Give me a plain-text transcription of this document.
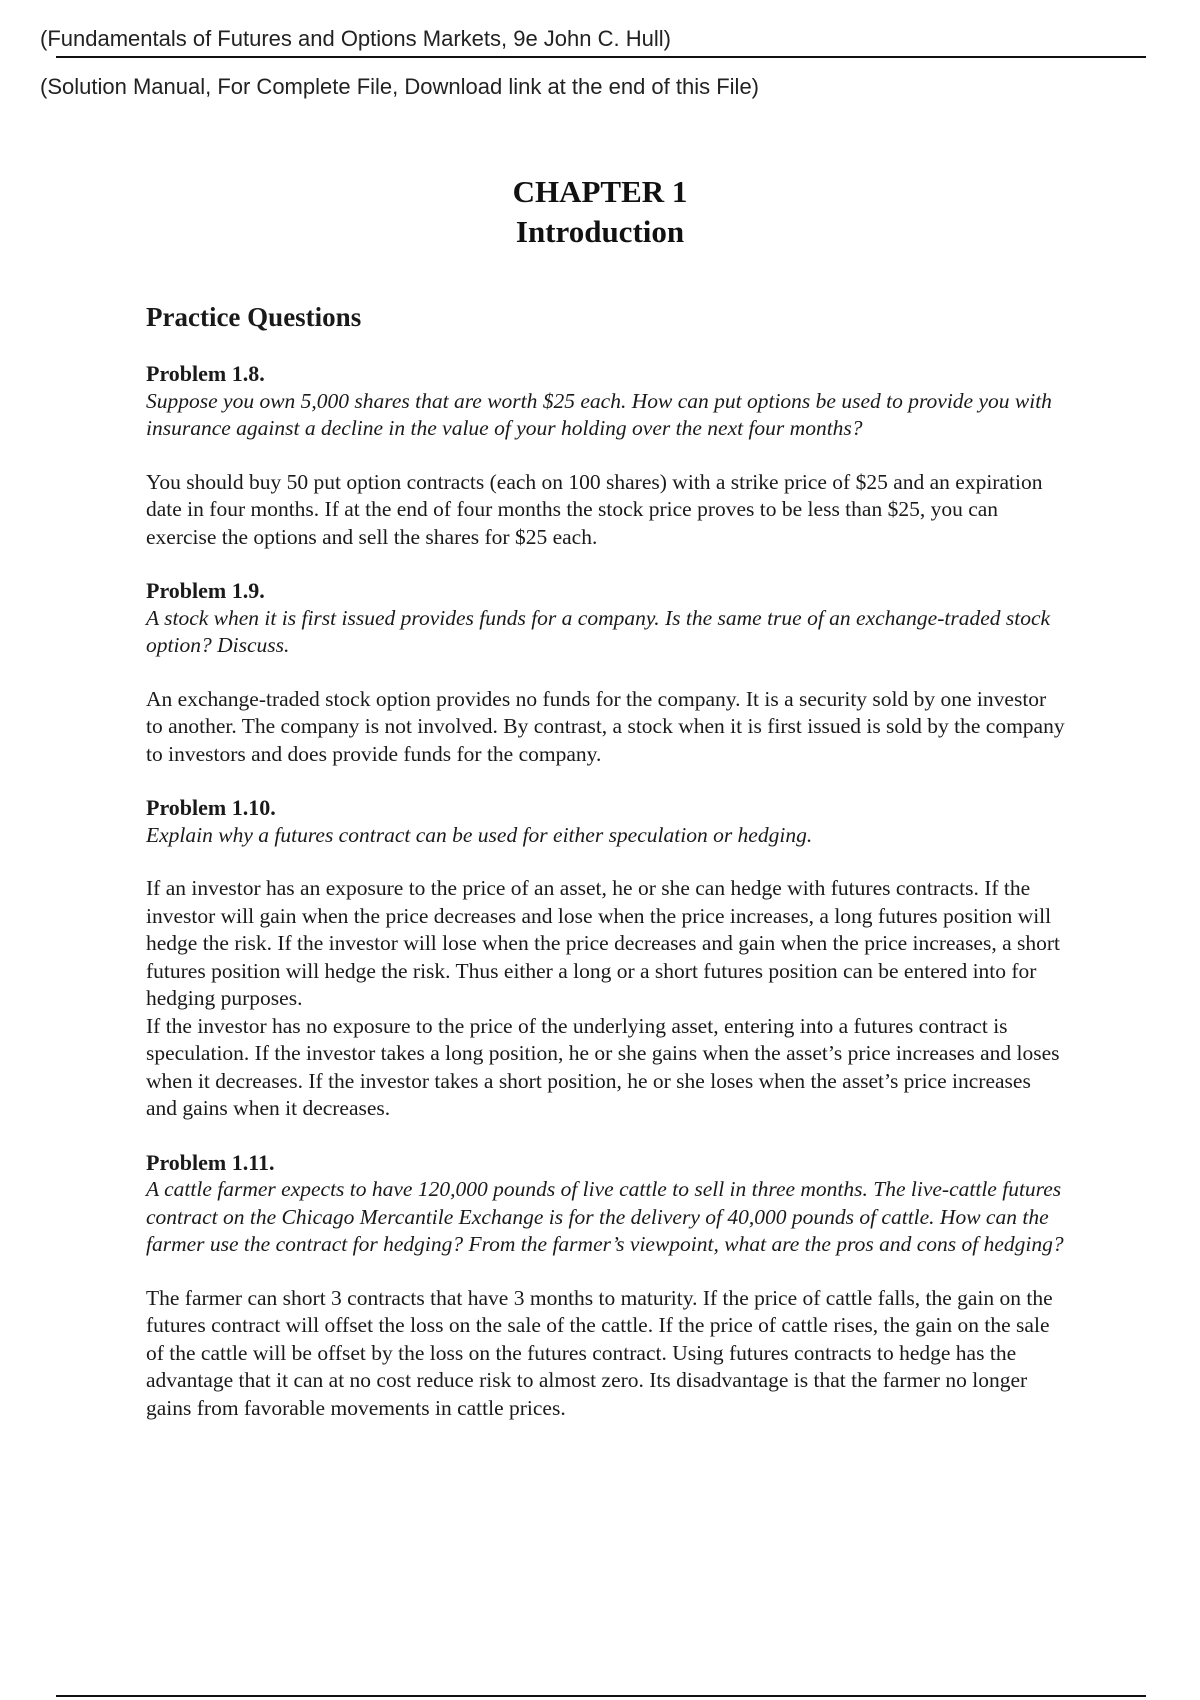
(Fundamentals of Futures and Options Markets, 9e John C. Hull)
(Solution Manual, For Complete File, Download link at the end of this File)
CHAPTER 1
Introduction
Practice Questions
Problem 1.8.
Suppose you own 5,000 shares that are worth $25 each. How can put options be used to provide you with insurance against a decline in the value of your holding over the next four months?

You should buy 50 put option contracts (each on 100 shares) with a strike price of $25 and an expiration date in four months. If at the end of four months the stock price proves to be less than $25, you can exercise the options and sell the shares for $25 each.

Problem 1.9.
A stock when it is first issued provides funds for a company. Is the same true of an exchange-traded stock option? Discuss.

An exchange-traded stock option provides no funds for the company. It is a security sold by one investor to another. The company is not involved. By contrast, a stock when it is first issued is sold by the company to investors and does provide funds for the company.

Problem 1.10.
Explain why a futures contract can be used for either speculation or hedging.

If an investor has an exposure to the price of an asset, he or she can hedge with futures contracts. If the investor will gain when the price decreases and lose when the price increases, a long futures position will hedge the risk. If the investor will lose when the price decreases and gain when the price increases, a short futures position will hedge the risk. Thus either a long or a short futures position can be entered into for hedging purposes.

If the investor has no exposure to the price of the underlying asset, entering into a futures contract is speculation. If the investor takes a long position, he or she gains when the asset’s price increases and loses when it decreases. If the investor takes a short position, he or she loses when the asset’s price increases and gains when it decreases.

Problem 1.11.
A cattle farmer expects to have 120,000 pounds of live cattle to sell in three months. The live-cattle futures contract on the Chicago Mercantile Exchange is for the delivery of 40,000 pounds of cattle. How can the farmer use the contract for hedging? From the farmer’s viewpoint, what are the pros and cons of hedging?

The farmer can short 3 contracts that have 3 months to maturity. If the price of cattle falls, the gain on the futures contract will offset the loss on the sale of the cattle. If the price of cattle rises, the gain on the sale of the cattle will be offset by the loss on the futures contract. Using futures contracts to hedge has the advantage that it can at no cost reduce risk to almost zero. Its disadvantage is that the farmer no longer gains from favorable movements in cattle prices.
